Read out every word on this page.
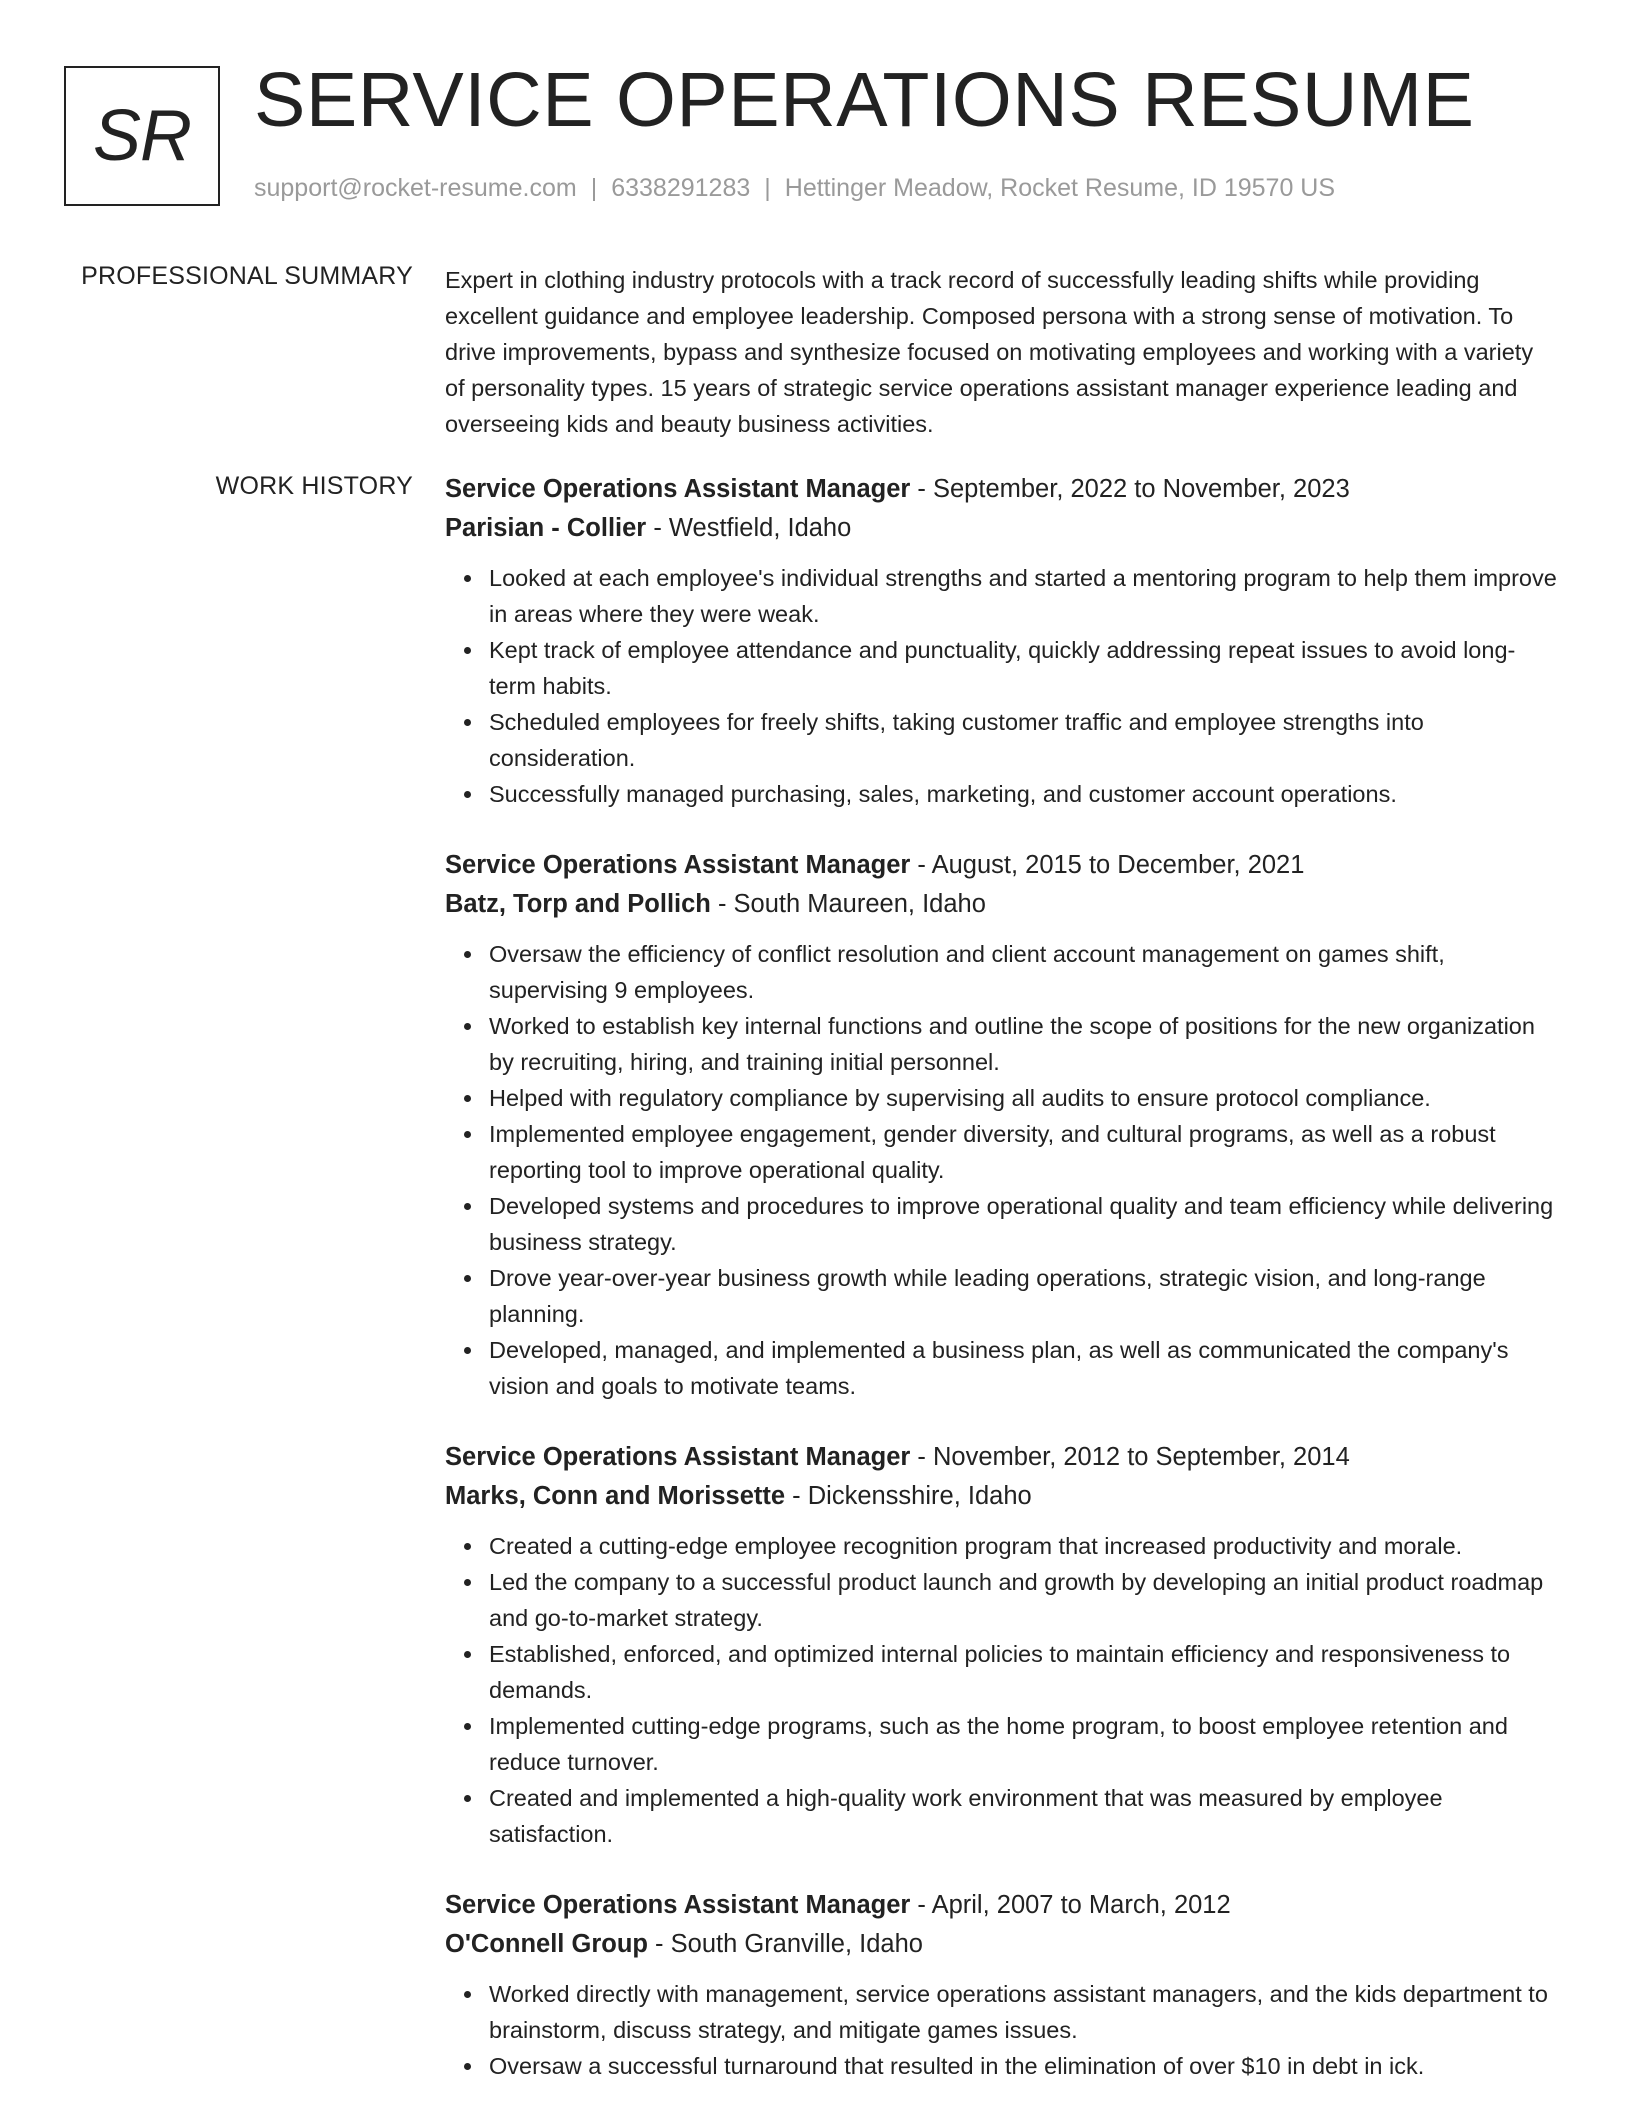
SR SERVICE OPERATIONS RESUME
support@rocket-resume.com | 6338291283 | Hettinger Meadow, Rocket Resume, ID 19570 US
PROFESSIONAL SUMMARY Expert in clothing industry protocols with a track record of successfully leading shifts while providing excellent guidance and employee leadership. Composed persona with a strong sense of motivation. To drive improvements, bypass and synthesize focused on motivating employees and working with a variety of personality types. 15 years of strategic service operations assistant manager experience leading and overseeing kids and beauty business activities.
WORK HISTORY Service Operations Assistant Manager - September, 2022 to November, 2023
Parisian - Collier - Westfield, Idaho
Looked at each employee's individual strengths and started a mentoring program to help them improve in areas where they were weak.
Kept track of employee attendance and punctuality, quickly addressing repeat issues to avoid long-term habits.
Scheduled employees for freely shifts, taking customer traffic and employee strengths into consideration.
Successfully managed purchasing, sales, marketing, and customer account operations.
Service Operations Assistant Manager - August, 2015 to December, 2021
Batz, Torp and Pollich - South Maureen, Idaho
Oversaw the efficiency of conflict resolution and client account management on games shift, supervising 9 employees.
Worked to establish key internal functions and outline the scope of positions for the new organization by recruiting, hiring, and training initial personnel.
Helped with regulatory compliance by supervising all audits to ensure protocol compliance.
Implemented employee engagement, gender diversity, and cultural programs, as well as a robust reporting tool to improve operational quality.
Developed systems and procedures to improve operational quality and team efficiency while delivering business strategy.
Drove year-over-year business growth while leading operations, strategic vision, and long-range planning.
Developed, managed, and implemented a business plan, as well as communicated the company's vision and goals to motivate teams.
Service Operations Assistant Manager - November, 2012 to September, 2014
Marks, Conn and Morissette - Dickensshire, Idaho
Created a cutting-edge employee recognition program that increased productivity and morale.
Led the company to a successful product launch and growth by developing an initial product roadmap and go-to-market strategy.
Established, enforced, and optimized internal policies to maintain efficiency and responsiveness to demands.
Implemented cutting-edge programs, such as the home program, to boost employee retention and reduce turnover.
Created and implemented a high-quality work environment that was measured by employee satisfaction.
Service Operations Assistant Manager - April, 2007 to March, 2012
O'Connell Group - South Granville, Idaho
Worked directly with management, service operations assistant managers, and the kids department to brainstorm, discuss strategy, and mitigate games issues.
Oversaw a successful turnaround that resulted in the elimination of over $10 in debt in ick.
